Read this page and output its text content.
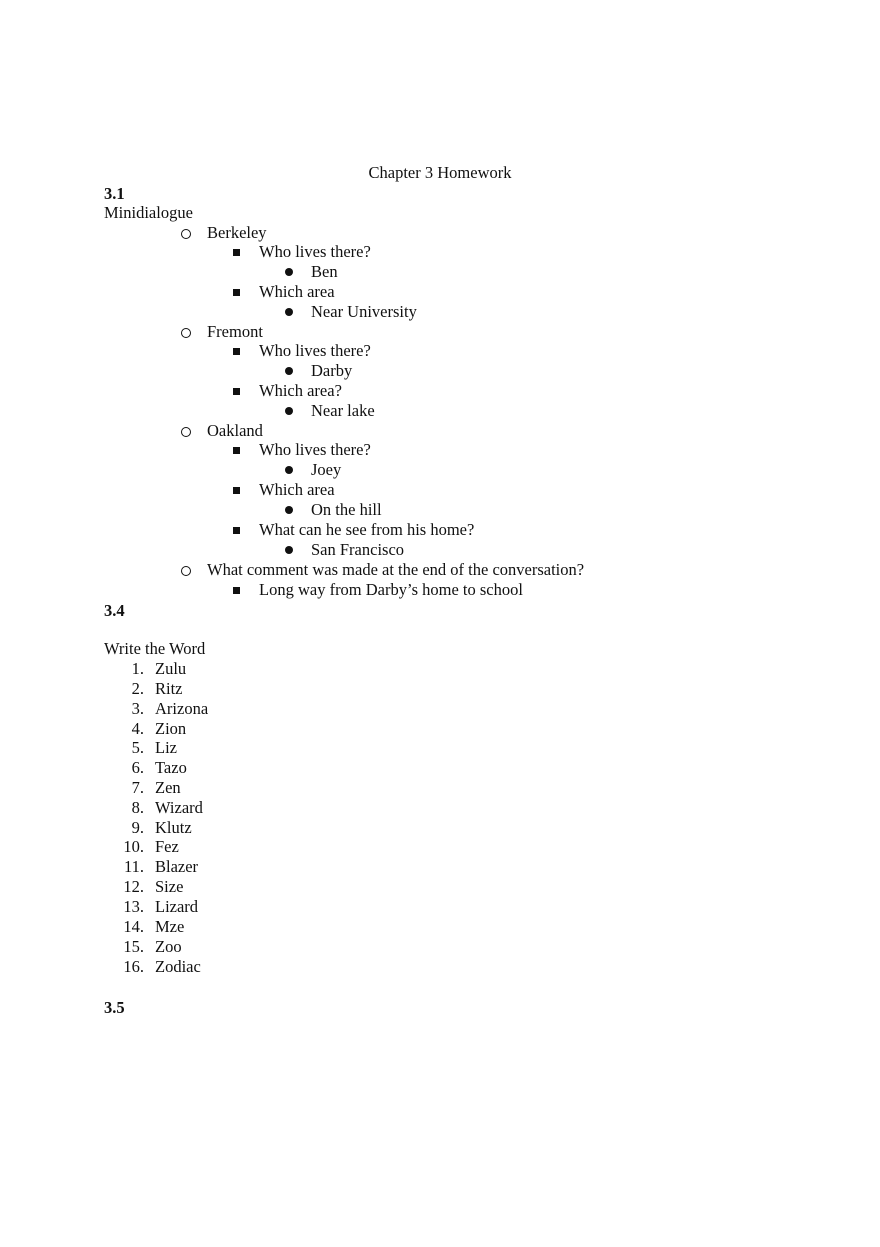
Chapter 3 Homework
3.1
Minidialogue
Berkeley
Who lives there?
Ben
Which area
Near University
Fremont
Who lives there?
Darby
Which area?
Near lake
Oakland
Who lives there?
Joey
Which area
On the hill
What can he see from his home?
San Francisco
What comment was made at the end of the conversation?
Long way from Darby’s home to school
3.4
Write the Word
1. Zulu
2. Ritz
3. Arizona
4. Zion
5. Liz
6. Tazo
7. Zen
8. Wizard
9. Klutz
10. Fez
11. Blazer
12. Size
13. Lizard
14. Mze
15. Zoo
16. Zodiac
3.5
